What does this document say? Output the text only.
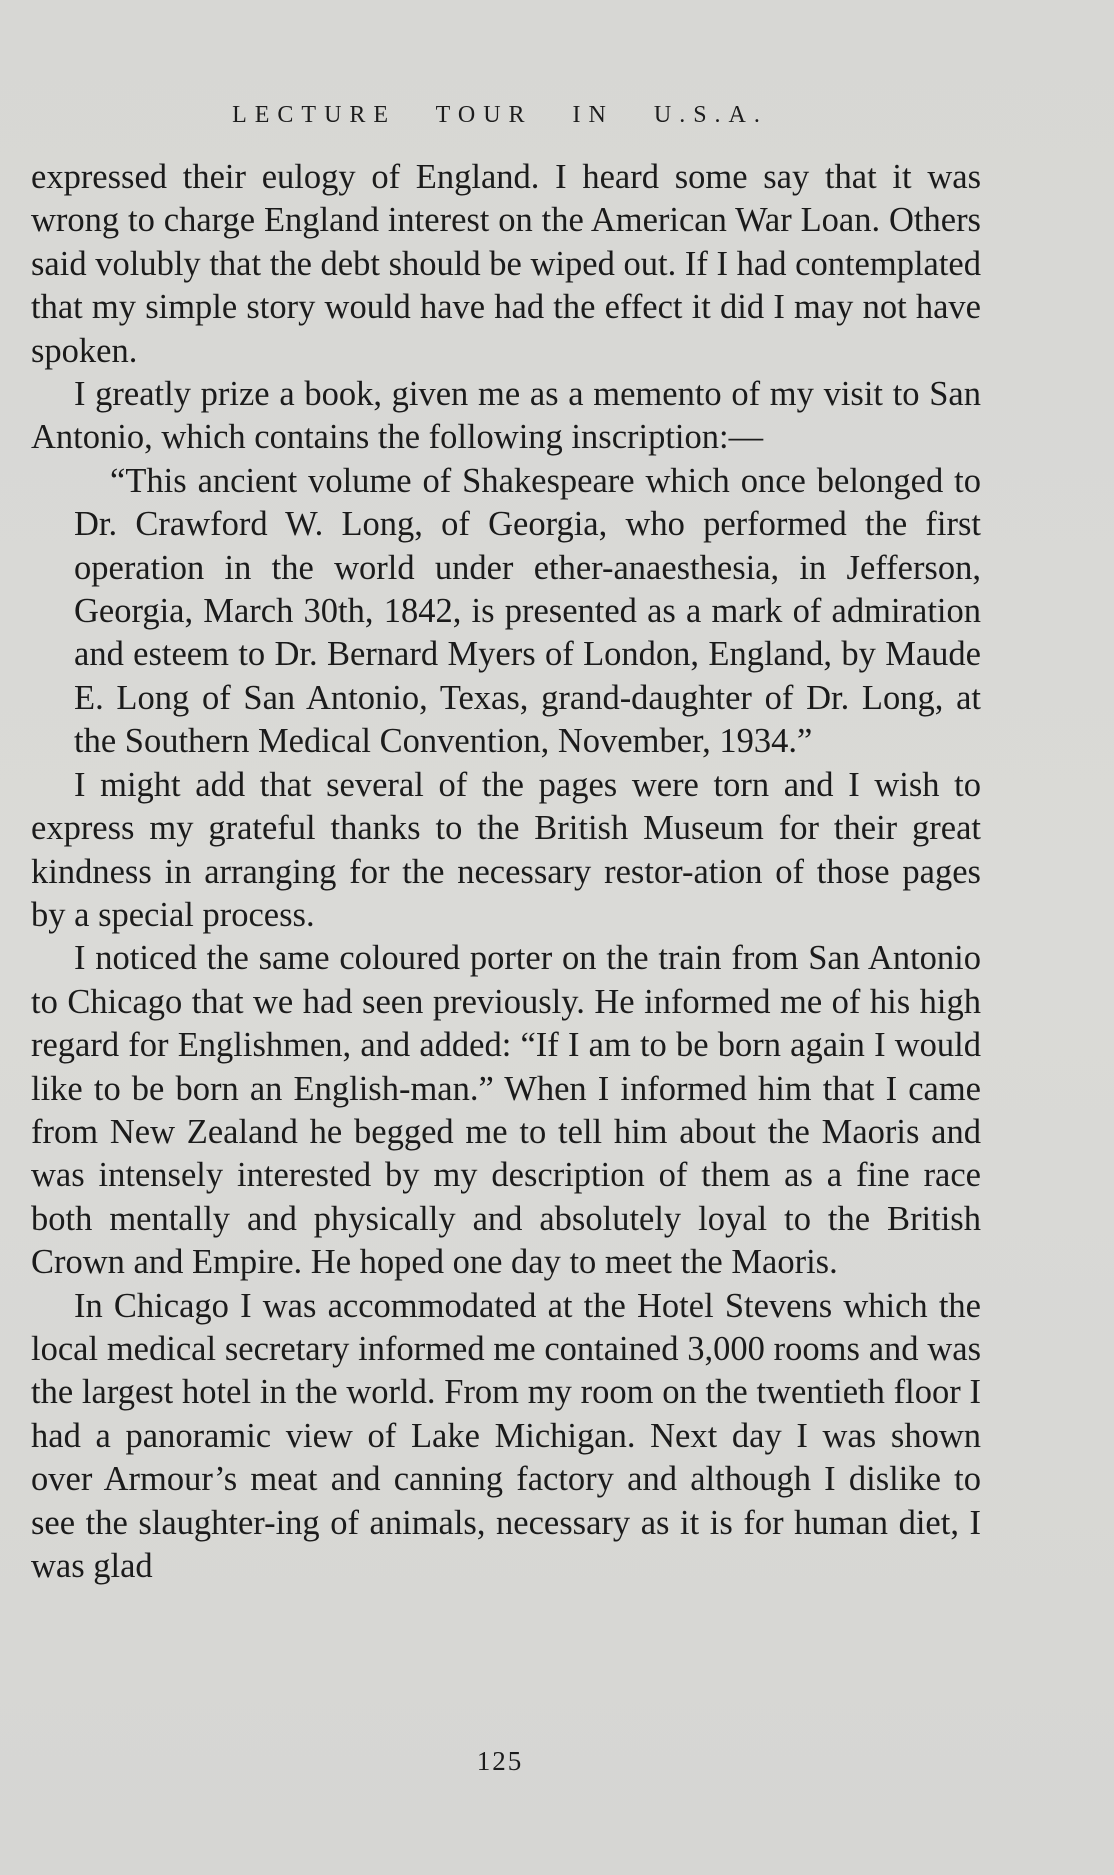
LECTURE TOUR IN U.S.A.

expressed their eulogy of England. I heard some say that it was wrong to charge England interest on the American War Loan. Others said volubly that the debt should be wiped out. If I had contemplated that my simple story would have had the effect it did I may not have spoken.

I greatly prize a book, given me as a memento of my visit to San Antonio, which contains the following inscription:—

“This ancient volume of Shakespeare which once belonged to Dr. Crawford W. Long, of Georgia, who performed the first operation in the world under ether-anaesthesia, in Jefferson, Georgia, March 30th, 1842, is presented as a mark of admiration and esteem to Dr. Bernard Myers of London, England, by Maude E. Long of San Antonio, Texas, grand-daughter of Dr. Long, at the Southern Medical Convention, November, 1934.”

I might add that several of the pages were torn and I wish to express my grateful thanks to the British Museum for their great kindness in arranging for the necessary restor-ation of those pages by a special process.

I noticed the same coloured porter on the train from San Antonio to Chicago that we had seen previously. He informed me of his high regard for Englishmen, and added: “If I am to be born again I would like to be born an English-man.” When I informed him that I came from New Zealand he begged me to tell him about the Maoris and was intensely interested by my description of them as a fine race both mentally and physically and absolutely loyal to the British Crown and Empire. He hoped one day to meet the Maoris.

In Chicago I was accommodated at the Hotel Stevens which the local medical secretary informed me contained 3,000 rooms and was the largest hotel in the world. From my room on the twentieth floor I had a panoramic view of Lake Michigan. Next day I was shown over Armour’s meat and canning factory and although I dislike to see the slaughter-ing of animals, necessary as it is for human diet, I was glad

125
